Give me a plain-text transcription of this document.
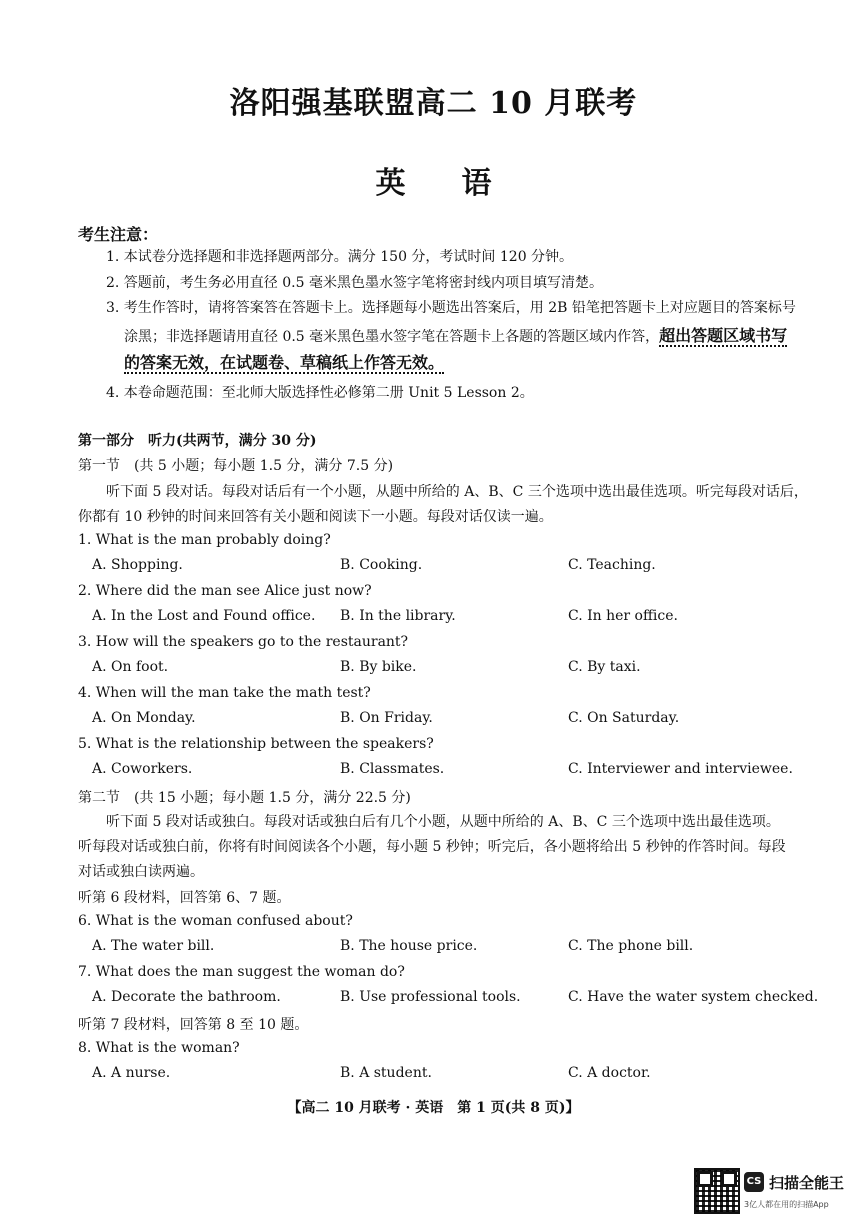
洛阳强基联盟高二 10 月联考
英 语
考生注意：
1. 本试卷分选择题和非选择题两部分。满分 150 分，考试时间 120 分钟。
2. 答题前，考生务必用直径 0.5 毫米黑色墨水签字笔将密封线内项目填写清楚。
3. 考生作答时，请将答案答在答题卡上。选择题每小题选出答案后，用 2B 铅笔把答题卡上对应题目的答案标号
涂黑；非选择题请用直径 0.5 毫米黑色墨水签字笔在答题卡上各题的答题区域内作答，超出答题区域书写
的答案无效，在试题卷、草稿纸上作答无效。
4. 本卷命题范围：至北师大版选择性必修第二册 Unit 5 Lesson 2。
第一部分　听力(共两节，满分 30 分)
第一节　(共 5 小题；每小题 1.5 分，满分 7.5 分)
听下面 5 段对话。每段对话后有一个小题，从题中所给的 A、B、C 三个选项中选出最佳选项。听完每段对话后，
你都有 10 秒钟的时间来回答有关小题和阅读下一小题。每段对话仅读一遍。
1. What is the man probably doing?
A. Shopping.	B. Cooking.	C. Teaching.
2. Where did the man see Alice just now?
A. In the Lost and Found office. B. In the library.	C. In her office.
3. How will the speakers go to the restaurant?
A. On foot.	B. By bike.	C. By taxi.
4. When will the man take the math test?
A. On Monday.	B. On Friday.	C. On Saturday.
5. What is the relationship between the speakers?
A. Coworkers.	B. Classmates.	C. Interviewer and interviewee.
第二节　(共 15 小题；每小题 1.5 分，满分 22.5 分)
听下面 5 段对话或独白。每段对话或独白后有几个小题，从题中所给的 A、B、C 三个选项中选出最佳选项。
听每段对话或独白前，你将有时间阅读各个小题，每小题 5 秒钟；听完后，各小题将给出 5 秒钟的作答时间。每段
对话或独白读两遍。
听第 6 段材料，回答第 6、7 题。
6. What is the woman confused about?
A. The water bill.	B. The house price.	C. The phone bill.
7. What does the man suggest the woman do?
A. Decorate the bathroom.	B. Use professional tools.	C. Have the water system checked.
听第 7 段材料，回答第 8 至 10 题。
8. What is the woman?
A. A nurse.	B. A student.	C. A doctor.
【高二 10 月联考 · 英语　第 1 页(共 8 页)】
CS 扫描全能王
3亿人都在用的扫描App
